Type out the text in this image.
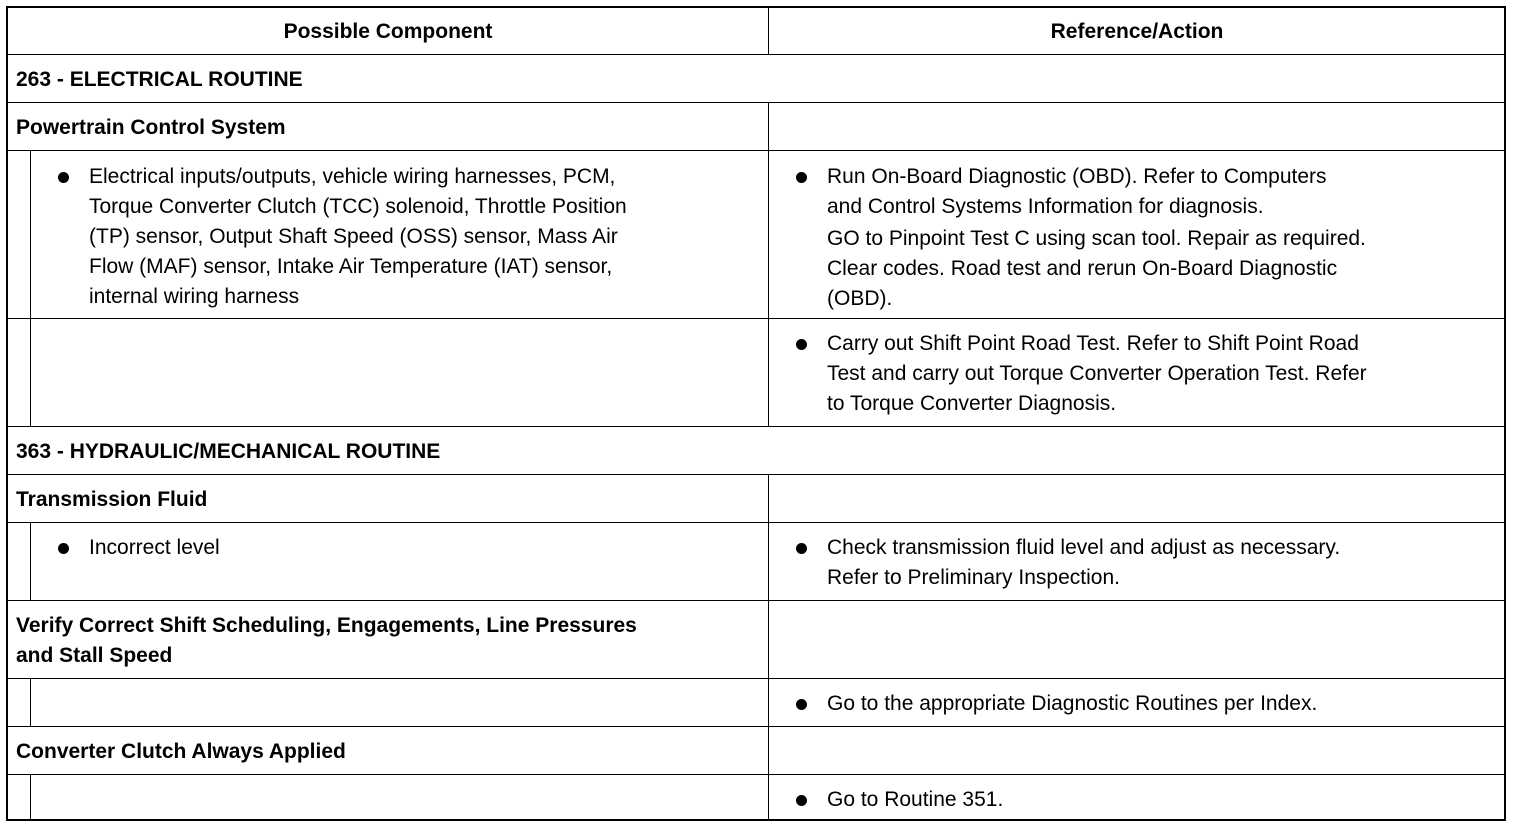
Possible Component	Reference/Action
263 - ELECTRICAL ROUTINE
Powertrain Control System
Electrical inputs/outputs, vehicle wiring harnesses, PCM,
Torque Converter Clutch (TCC) solenoid, Throttle Position
(TP) sensor, Output Shaft Speed (OSS) sensor, Mass Air
Flow (MAF) sensor, Intake Air Temperature (IAT) sensor,
internal wiring harness
Run On-Board Diagnostic (OBD). Refer to Computers
and Control Systems Information for diagnosis.
GO to Pinpoint Test C using scan tool. Repair as required.
Clear codes. Road test and rerun On-Board Diagnostic
(OBD).
Carry out Shift Point Road Test. Refer to Shift Point Road
Test and carry out Torque Converter Operation Test. Refer
to Torque Converter Diagnosis.
363 - HYDRAULIC/MECHANICAL ROUTINE
Transmission Fluid
Incorrect level	Check transmission fluid level and adjust as necessary.
Refer to Preliminary Inspection.
Verify Correct Shift Scheduling, Engagements, Line Pressures
and Stall Speed
Go to the appropriate Diagnostic Routines per Index.
Converter Clutch Always Applied
Go to Routine 351.
